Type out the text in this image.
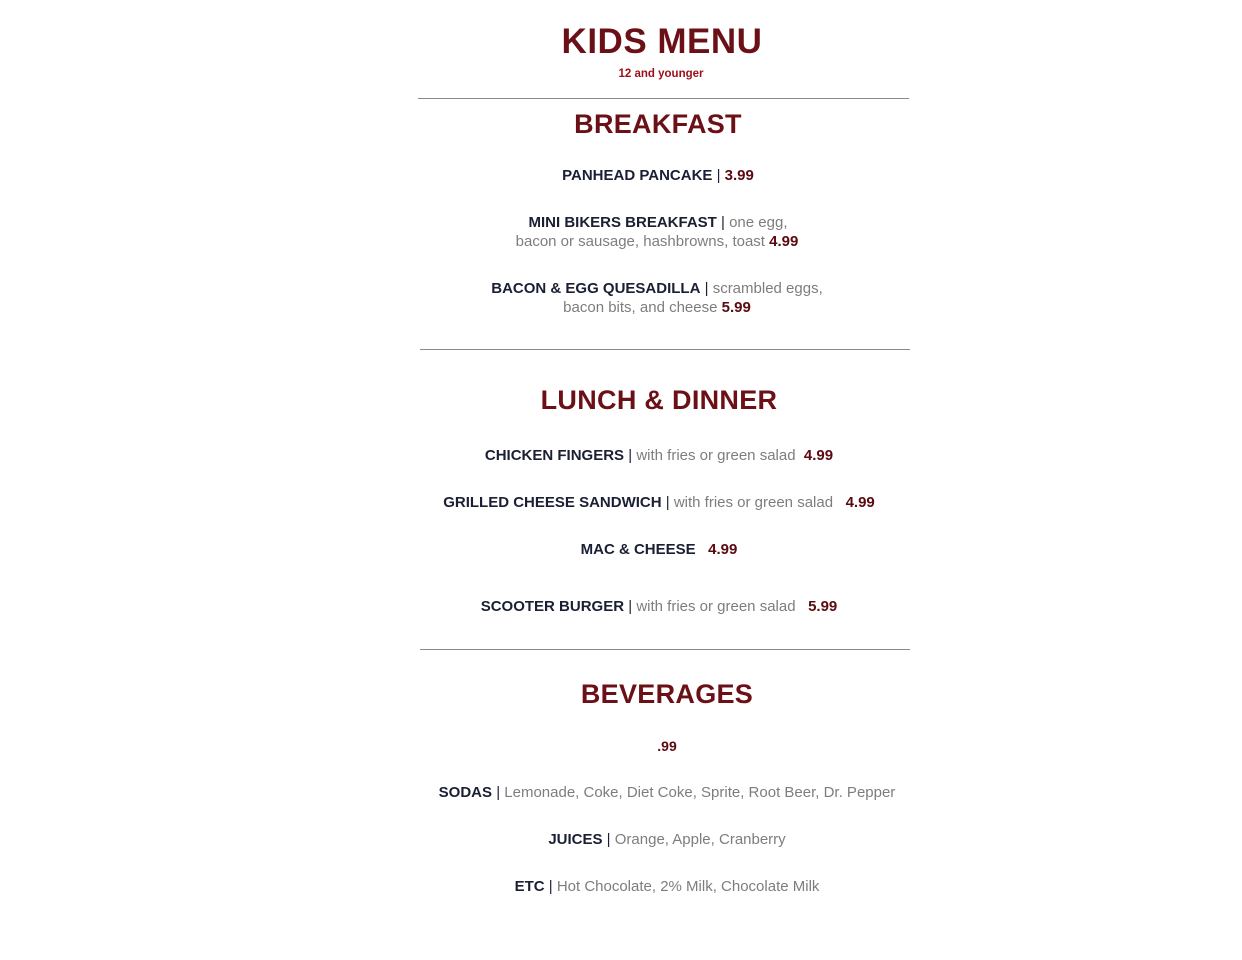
KIDS MENU
12 and younger
BREAKFAST
PANHEAD PANCAKE | 3.99
MINI BIKERS BREAKFAST | one egg,
bacon or sausage, hashbrowns, toast 4.99
BACON & EGG QUESADILLA | scrambled eggs,
bacon bits, and cheese 5.99
LUNCH & DINNER
CHICKEN FINGERS | with fries or green salad 4.99
GRILLED CHEESE SANDWICH | with fries or green salad 4.99
MAC & CHEESE 4.99
SCOOTER BURGER | with fries or green salad 5.99
BEVERAGES
.99
SODAS | Lemonade, Coke, Diet Coke, Sprite, Root Beer, Dr. Pepper
JUICES | Orange, Apple, Cranberry
ETC | Hot Chocolate, 2% Milk, Chocolate Milk
